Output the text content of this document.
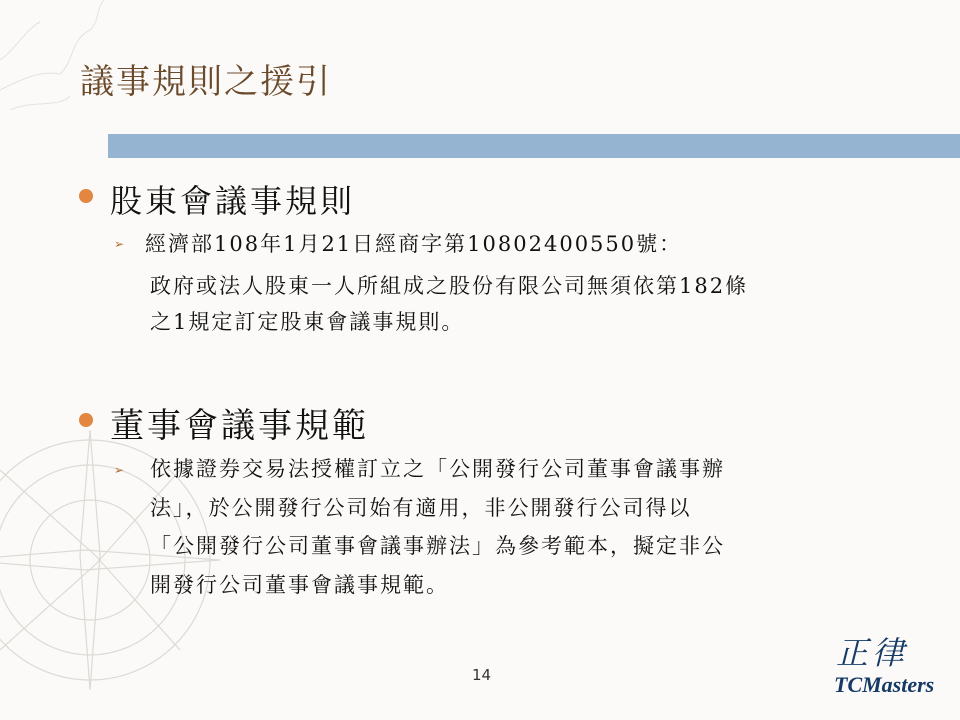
議事規則之援引
股東會議事規則
➢ 經濟部108年1月21日經商字第10802400550號：
政府或法人股東一人所組成之股份有限公司無須依第182條
之1規定訂定股東會議事規則。
董事會議事規範
➢ 依據證券交易法授權訂立之「公開發行公司董事會議事辦
法」，於公開發行公司始有適用，非公開發行公司得以
「公開發行公司董事會議事辦法」為參考範本，擬定非公
開發行公司董事會議事規範。
14
正律
TCMasters
